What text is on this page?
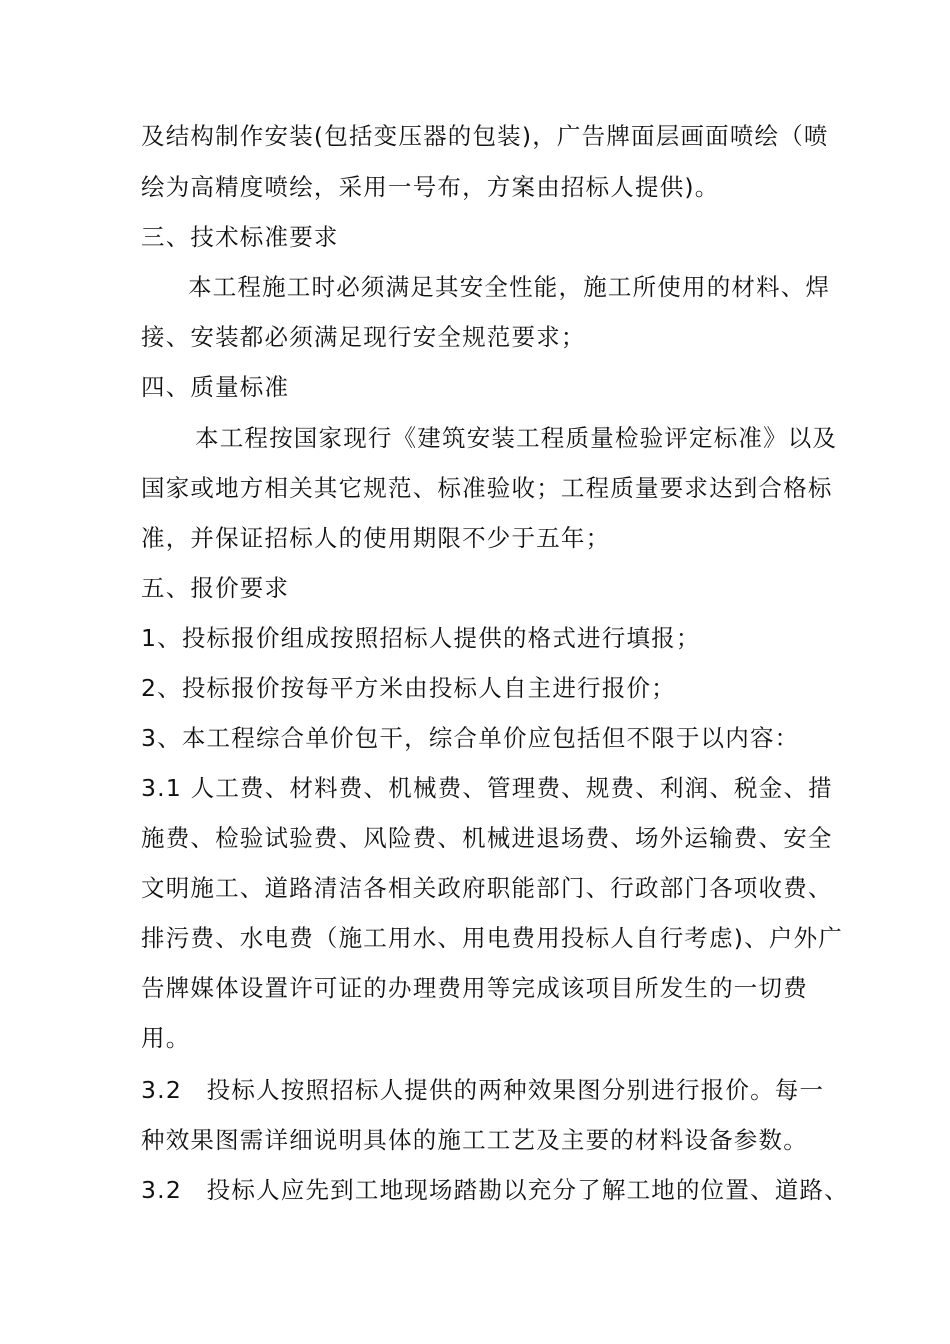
及结构制作安装(包括变压器的包装)，广告牌面层画面喷绘（喷
绘为高精度喷绘，采用一号布，方案由招标人提供)。
三、技术标准要求
本工程施工时必须满足其安全性能，施工所使用的材料、焊
接、安装都必须满足现行安全规范要求；
四、质量标准
本工程按国家现行《建筑安装工程质量检验评定标准》以及
国家或地方相关其它规范、标准验收；工程质量要求达到合格标
准，并保证招标人的使用期限不少于五年；
五、报价要求
1、投标报价组成按照招标人提供的格式进行填报；
2、投标报价按每平方米由投标人自主进行报价；
3、本工程综合单价包干，综合单价应包括但不限于以内容：
3.1 人工费、材料费、机械费、管理费、规费、利润、税金、措
施费、检验试验费、风险费、机械进退场费、场外运输费、安全
文明施工、道路清洁各相关政府职能部门、行政部门各项收费、
排污费、水电费（施工用水、用电费用投标人自行考虑)、户外广
告牌媒体设置许可证的办理费用等完成该项目所发生的一切费
用。
3.2　投标人按照招标人提供的两种效果图分别进行报价。每一
种效果图需详细说明具体的施工工艺及主要的材料设备参数。
3.2　投标人应先到工地现场踏勘以充分了解工地的位置、道路、
